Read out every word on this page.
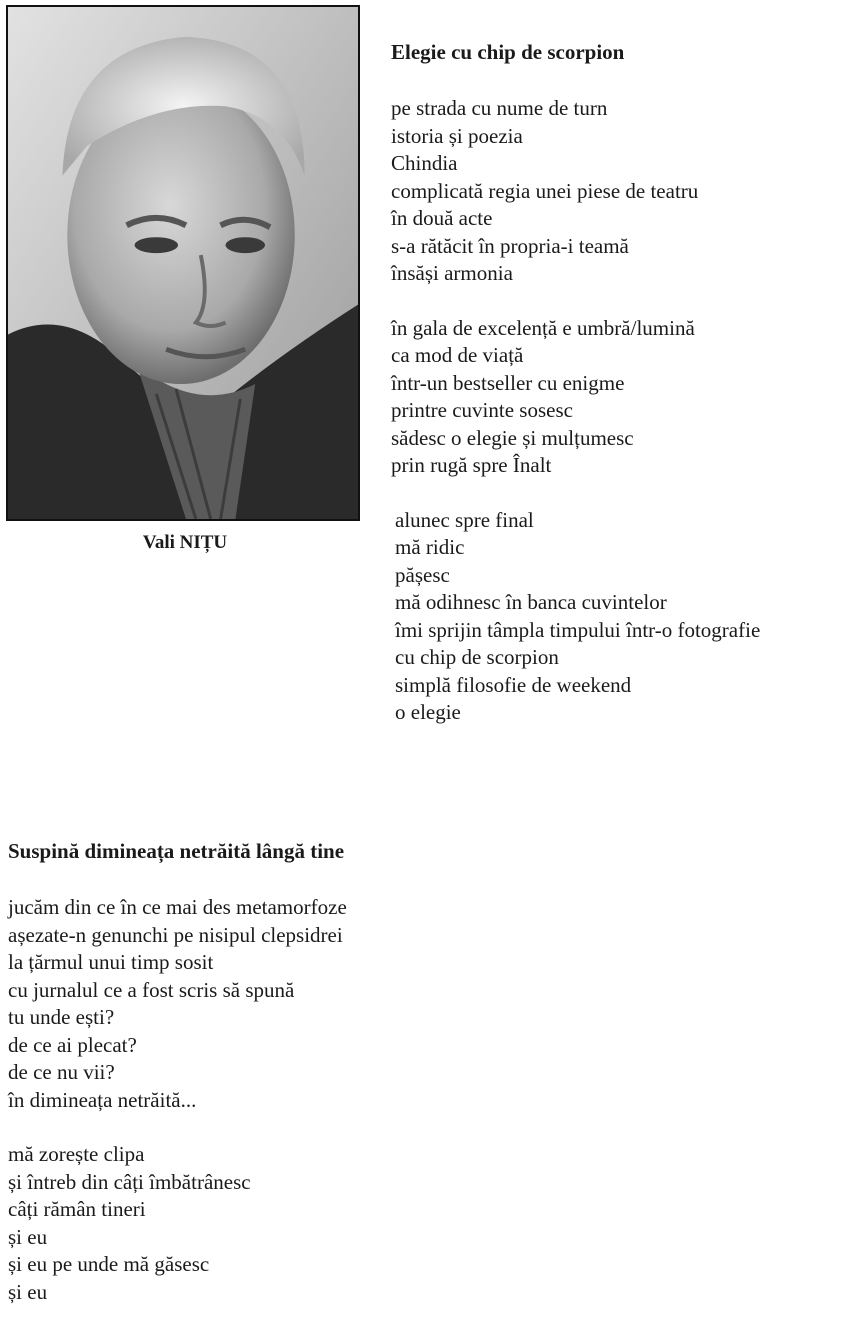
Vali NIȚU
Elegie cu chip de scorpion
pe strada cu nume de turn
istoria și poezia
Chindia
complicată regia unei piese de teatru
în două acte
s-a rătăcit în propria-i teamă
însăși armonia
în gala de excelență e umbră/lumină
ca mod de viață
într-un bestseller cu enigme
printre cuvinte sosesc
sădesc o elegie și mulțumesc
prin rugă spre Înalt
alunec spre final
mă ridic
pășesc
mă odihnesc în banca cuvintelor
îmi sprijin tâmpla timpului într-o fotografie
cu chip de scorpion
simplă filosofie de weekend
o elegie
Suspină dimineața netrăită lângă tine
jucăm din ce în ce mai des metamorfoze
așezate-n genunchi pe nisipul clepsidrei
la țărmul unui timp sosit
cu jurnalul ce a fost scris să spună
tu unde ești?
de ce ai plecat?
de ce nu vii?
în dimineața netrăită...
mă zorește clipa
și întreb din câți îmbătrânesc
câți rămân tineri
și eu
și eu pe unde mă găsesc
și eu
